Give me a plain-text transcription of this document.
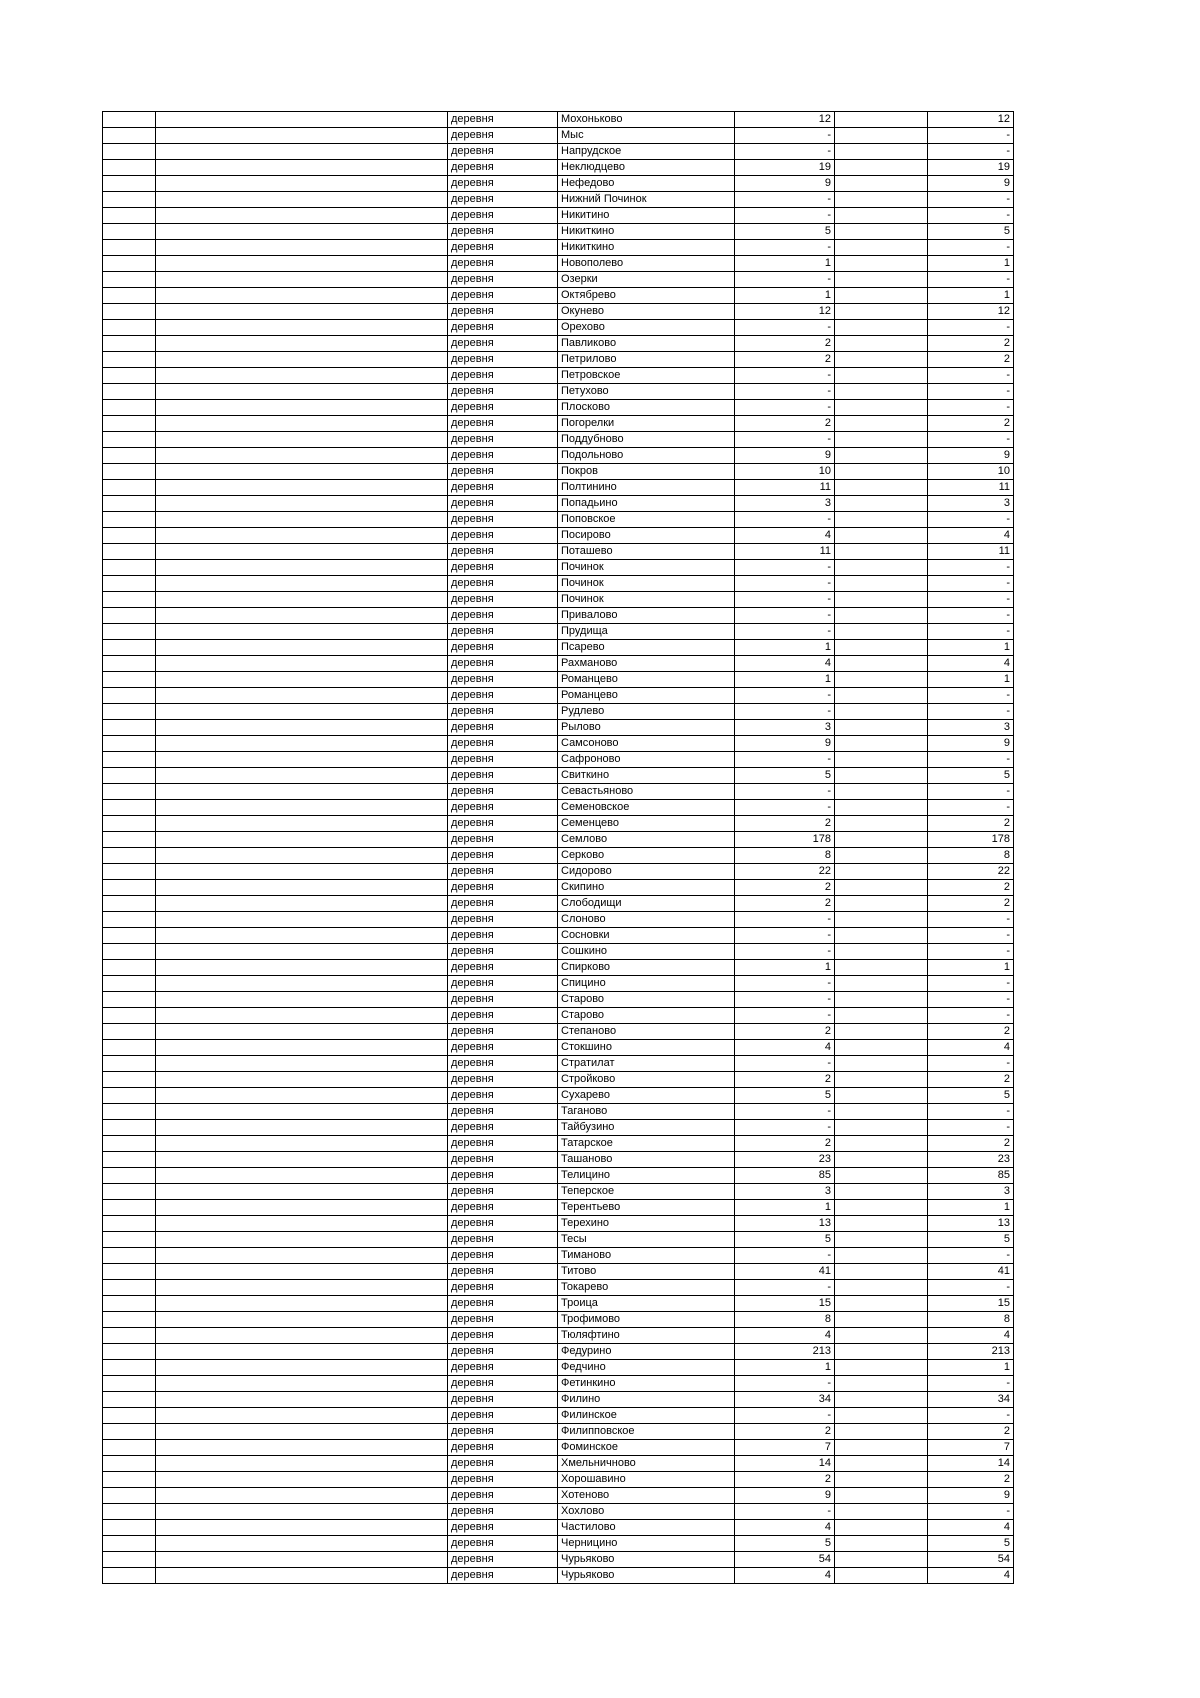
		деревня	Мохоньково	12		12
		деревня	Мыс	-		-
		деревня	Напрудское	-		-
		деревня	Неклюдцево	19		19
		деревня	Нефедово	9		9
		деревня	Нижний Починок	-		-
		деревня	Никитино	-		-
		деревня	Никиткино	5		5
		деревня	Никиткино	-		-
		деревня	Новополево	1		1
		деревня	Озерки	-		-
		деревня	Октябрево	1		1
		деревня	Окунево	12		12
		деревня	Орехово	-		-
		деревня	Павликово	2		2
		деревня	Петрилово	2		2
		деревня	Петровское	-		-
		деревня	Петухово	-		-
		деревня	Плосково	-		-
		деревня	Погорелки	2		2
		деревня	Поддубново	-		-
		деревня	Подольново	9		9
		деревня	Покров	10		10
		деревня	Полтинино	11		11
		деревня	Попадьино	3		3
		деревня	Поповское	-		-
		деревня	Посирово	4		4
		деревня	Поташево	11		11
		деревня	Починок	-		-
		деревня	Починок	-		-
		деревня	Починок	-		-
		деревня	Привалово	-		-
		деревня	Прудища	-		-
		деревня	Псарево	1		1
		деревня	Рахманово	4		4
		деревня	Романцево	1		1
		деревня	Романцево	-		-
		деревня	Рудлево	-		-
		деревня	Рылово	3		3
		деревня	Самсоново	9		9
		деревня	Сафроново	-		-
		деревня	Свиткино	5		5
		деревня	Севастьяново	-		-
		деревня	Семеновское	-		-
		деревня	Семенцево	2		2
		деревня	Семлово	178		178
		деревня	Серково	8		8
		деревня	Сидорово	22		22
		деревня	Скипино	2		2
		деревня	Слободищи	2		2
		деревня	Слоново	-		-
		деревня	Сосновки	-		-
		деревня	Сошкино	-		-
		деревня	Спирково	1		1
		деревня	Спицино	-		-
		деревня	Старово	-		-
		деревня	Старово	-		-
		деревня	Степаново	2		2
		деревня	Стокшино	4		4
		деревня	Стратилат	-		-
		деревня	Стройково	2		2
		деревня	Сухарево	5		5
		деревня	Таганово	-		-
		деревня	Тайбузино	-		-
		деревня	Татарское	2		2
		деревня	Ташаново	23		23
		деревня	Телицино	85		85
		деревня	Теперское	3		3
		деревня	Терентьево	1		1
		деревня	Терехино	13		13
		деревня	Тесы	5		5
		деревня	Тиманово	-		-
		деревня	Титово	41		41
		деревня	Токарево	-		-
		деревня	Троица	15		15
		деревня	Трофимово	8		8
		деревня	Тюляфтино	4		4
		деревня	Федурино	213		213
		деревня	Федчино	1		1
		деревня	Фетинкино	-		-
		деревня	Филино	34		34
		деревня	Филинское	-		-
		деревня	Филипповское	2		2
		деревня	Фоминское	7		7
		деревня	Хмельничново	14		14
		деревня	Хорошавино	2		2
		деревня	Хотеново	9		9
		деревня	Хохлово	-		-
		деревня	Частилово	4		4
		деревня	Черницино	5		5
		деревня	Чурьяково	54		54
		деревня	Чурьяково	4		4
